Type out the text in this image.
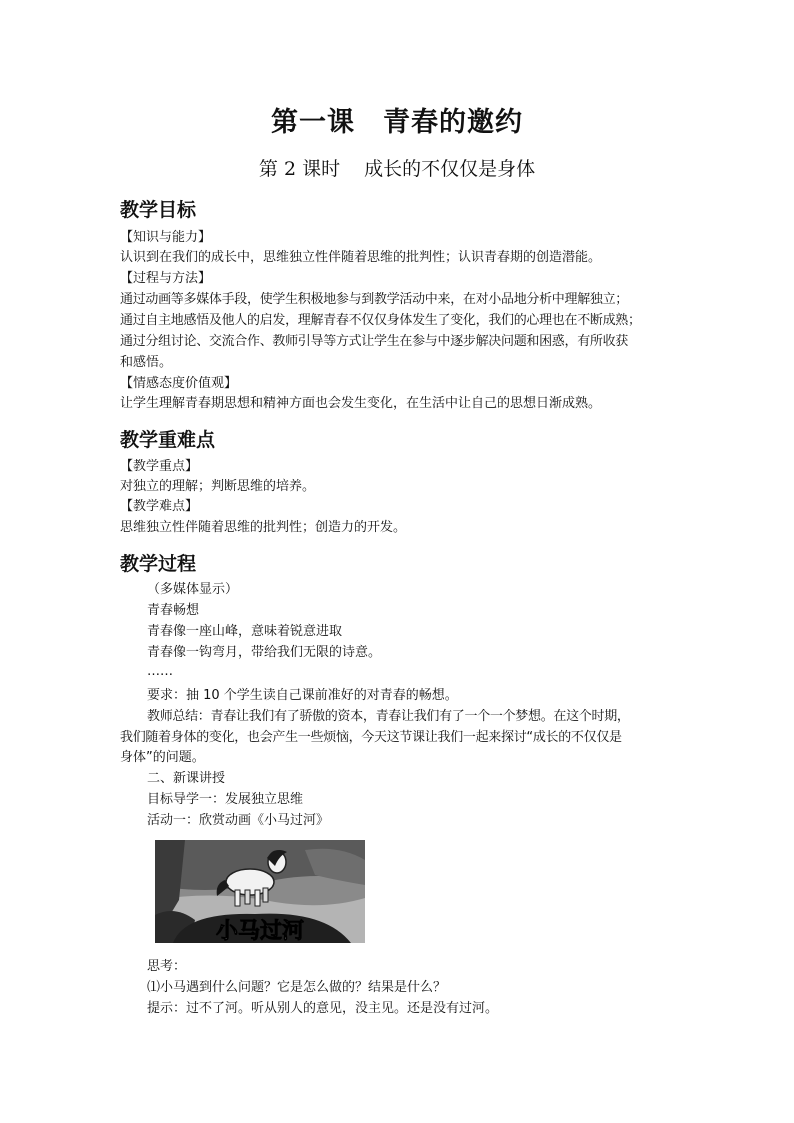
第一课 青春的邀约
第 2 课时 成长的不仅仅是身体
教学目标
【知识与能力】
认识到在我们的成长中，思维独立性伴随着思维的批判性；认识青春期的创造潜能。
【过程与方法】
通过动画等多媒体手段，使学生积极地参与到教学活动中来，在对小品地分析中理解独立；
通过自主地感悟及他人的启发，理解青春不仅仅身体发生了变化，我们的心理也在不断成熟；
通过分组讨论、交流合作、教师引导等方式让学生在参与中逐步解决问题和困惑，有所收获
和感悟。
【情感态度价值观】
让学生理解青春期思想和精神方面也会发生变化，在生活中让自己的思想日渐成熟。
教学重难点
【教学重点】
对独立的理解；判断思维的培养。
【教学难点】
思维独立性伴随着思维的批判性；创造力的开发。
教学过程
（多媒体显示）
青春畅想
青春像一座山峰，意味着锐意进取
青春像一钩弯月，带给我们无限的诗意。
……
要求：抽 10 个学生读自己课前准好的对青春的畅想。
教师总结：青春让我们有了骄傲的资本，青春让我们有了一个一个梦想。在这个时期，
我们随着身体的变化，也会产生一些烦恼，今天这节课让我们一起来探讨“成长的不仅仅是
身体”的问题。
二、新课讲授
目标导学一：发展独立思维
活动一：欣赏动画《小马过河》
小马过河
思考：
⑴小马遇到什么问题？它是怎么做的？结果是什么？
提示：过不了河。听从别人的意见，没主见。还是没有过河。
